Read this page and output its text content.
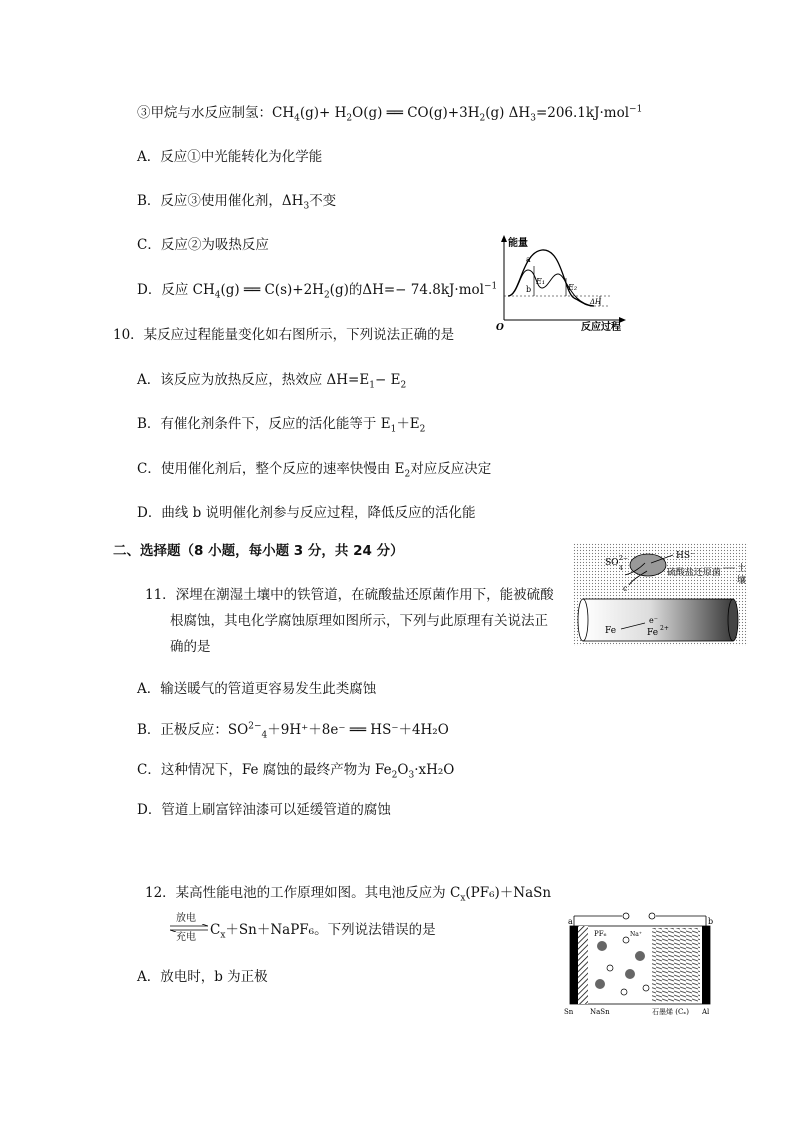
③甲烷与水反应制氢：$CH_4(g)+ H_2O(g)$ ══ $CO(g)+3H_2(g)$ $\Delta H_3=206.1kJ\cdot mol^{-1}$
A．反应①中光能转化为化学能
B．反应③使用催化剂，$\Delta H_3$不变
C．反应②为吸热反应
D．反应 $CH_4(g)$ ══ $C(s)+2H_2(g)$的ΔH=− 74.8kJ·mol$^{-1}$
能量
反应过程
O
a
b
E₁
E₂
ΔH
10．某反应过程能量变化如右图所示，下列说法正确的是
A．该反应为放热反应，热效应 $\Delta H=E_1- E_2$
B．有催化剂条件下，反应的活化能等于 $E_1+E_2$
C．使用催化剂后，整个反应的速率快慢由 $E_2$对应反应决定
D．曲线 b 说明催化剂参与反应过程，降低反应的活化能
二、选择题（8 小题，每小题 3 分，共 24 分）
SO
4
2−	HS⁻
硫酸盐还原菌 土
壤
c
Fe
e⁻
Fe 2+
11．深埋在潮湿土壤中的铁管道，在硫酸盐还原菌作用下，能被硫酸
根腐蚀，其电化学腐蚀原理如图所示，下列与此原理有关说法正
确的是
A．输送暖气的管道更容易发生此类腐蚀
B．正极反应：$SO^{2-}_4+9H^++8e^-$ ══ HS⁻＋4H₂O
C．这种情况下，Fe 腐蚀的最终产物为 $Fe_2O_3\cdot xH_2O$
D．管道上刷富锌油漆可以延缓管道的腐蚀
12．某高性能电池的工作原理如图。其电池反应为 $C_x(PF_6)+NaSn$
放电
充电 $C_x+Sn+NaPF_6$。下列说法错误的是
A．放电时，b 为正极
a	b
PF₆	Na⁺
Sn NaSn	石墨烯 (Cₓ) Al
